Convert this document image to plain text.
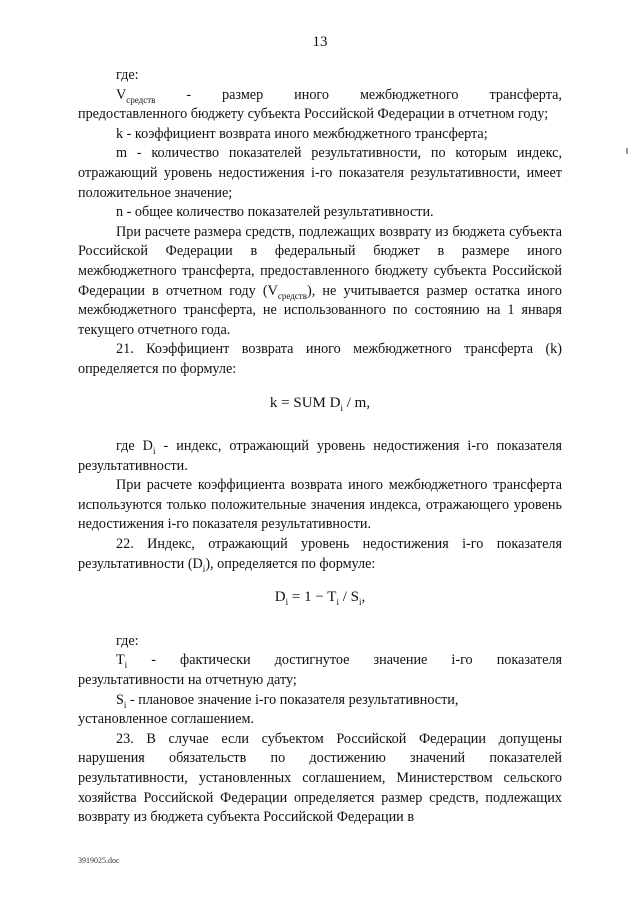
13

где:

$V_{средств}$ - размер иного межбюджетного трансферта,

предоставленного бюджету субъекта Российской Федерации в отчетном году;

k - коэффициент возврата иного межбюджетного трансферта;

m - количество показателей результативности, по которым индекс, отражающий уровень недостижения i-го показателя результативности, имеет положительное значение;

n - общее количество показателей результативности.

При расчете размера средств, подлежащих возврату из бюджета субъекта Российской Федерации в федеральный бюджет в размере иного межбюджетного трансферта, предоставленного бюджету субъекта Российской Федерации в отчетном году $(V_{средств})$, не учитывается размер остатка иного межбюджетного трансферта, не использованного по состоянию на 1 января текущего отчетного года.

21. Коэффициент возврата иного межбюджетного трансферта (k) определяется по формуле:

k = SUM $D_i$ / m,

где $D_i$ - индекс, отражающий уровень недостижения i-го показателя результативности.

При расчете коэффициента возврата иного межбюджетного трансферта используются только положительные значения индекса, отражающего уровень недостижения i-го показателя результативности.

22. Индекс, отражающий уровень недостижения i-го показателя результативности $(D_i)$, определяется по формуле:

$D_i = 1 - T_i / S_i$,

где:

$T_i$ - фактически достигнутое значение i-го показателя

результативности на отчетную дату;

$S_i$ - плановое значение i-го показателя результативности,

установленное соглашением.

23. В случае если субъектом Российской Федерации допущены нарушения обязательств по достижению значений показателей результативности, установленных соглашением, Министерством сельского хозяйства Российской Федерации определяется размер средств, подлежащих возврату из бюджета субъекта Российской Федерации в

3919025.doc
